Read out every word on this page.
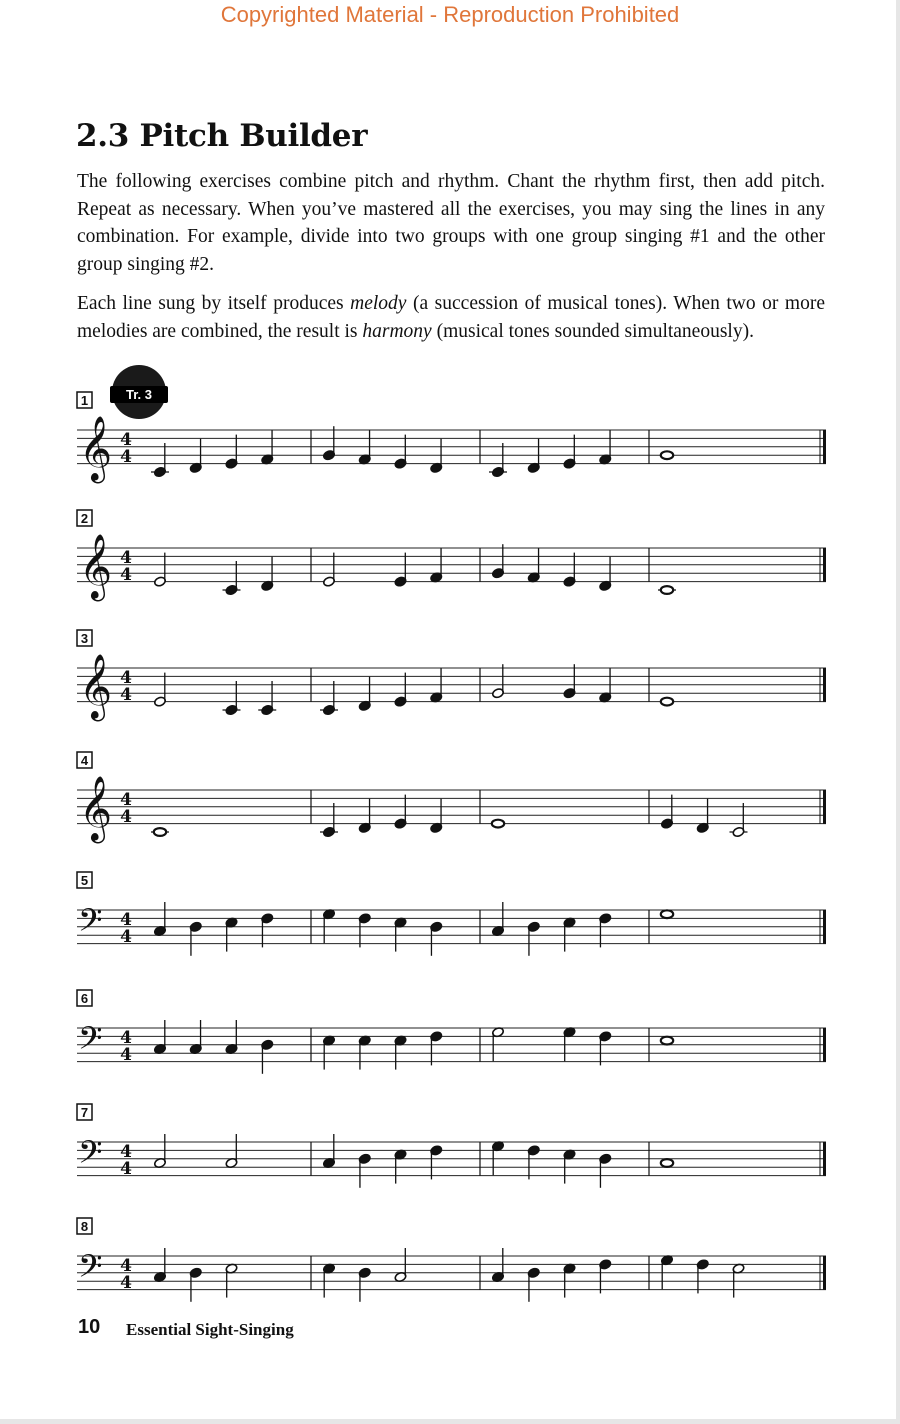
Copyrighted Material - Reproduction Prohibited
2.3 Pitch Builder

The following exercises combine pitch and rhythm. Chant the rhythm first, then add pitch. Repeat as necessary. When you’ve mastered all the exercises, you may sing the lines in any combination. For example, divide into two groups with one group singing #1 and the other group singing #2.

Each line sung by itself produces melody (a succession of musical tones). When two or more melodies are combined, the result is harmony (musical tones sounded simultaneously).

Tr. 3
1
𝄞 4
4
2
𝄞 4
4
3
𝄞 4
4
4
𝄞 4
4
5
𝄢 4
4
6
𝄢 4
4
7
𝄢 4
4
8
𝄢 4
4
10 Essential Sight-Singing
